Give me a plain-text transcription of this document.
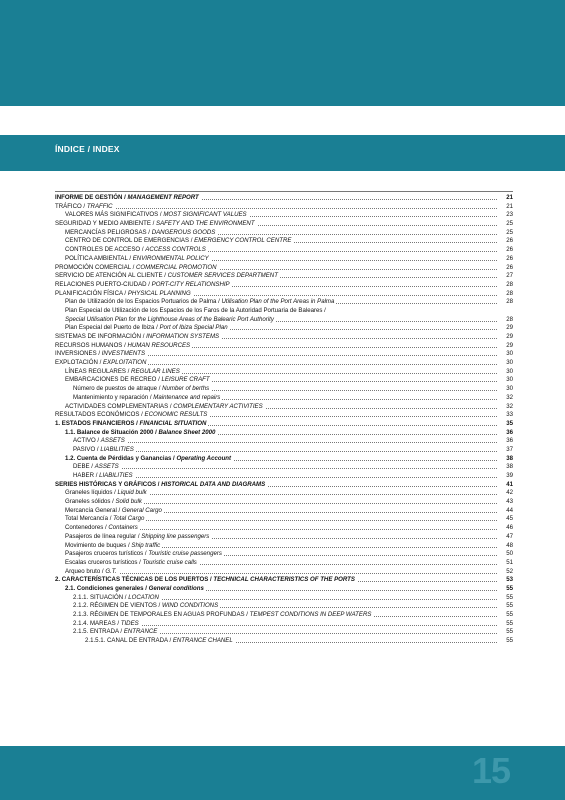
ÍNDICE / INDEX
21
INFORME DE GESTIÓN / MANAGEMENT REPORT
21
TRÁFICO / TRAFFIC
23
VALORES MÁS SIGNIFICATIVOS / MOST SIGNIFICANT VALUES
25
SEGURIDAD Y MEDIO AMBIENTE / SAFETY AND THE ENVIRONMENT
25
MERCANCÍAS PELIGROSAS / DANGEROUS GOODS
26
CENTRO DE CONTROL DE EMERGENCIAS / EMERGENCY CONTROL CENTRE
26
CONTROLES DE ACCESO / ACCESS CONTROLS
26
POLÍTICA AMBIENTAL / ENVIRONMENTAL POLICY
26
PROMOCIÓN COMERCIAL / COMMERCIAL PROMOTION
27
SERVICIO DE ATENCIÓN AL CLIENTE / CUSTOMER SERVICES DEPARTMENT
28
RELACIONES PUERTO-CIUDAD / PORT-CITY RELATIONSHIP
28
PLANIFICACIÓN FÍSICA / PHYSICAL PLANNING
28
Plan de Utilización de los Espacios Portuarios de Palma / Utilisation Plan of the Port Areas in Palma
Plan Especial de Utilización de los Espacios de los Faros de la Autoridad Portuaria de Baleares /
28
Special Utilisation Plan for the Lighthouse Areas of the Balearic Port Authority
29
Plan Especial del Puerto de Ibiza / Port of Ibiza Special Plan
29
SISTEMAS DE INFORMACIÓN / INFORMATION SYSTEMS
29
RECURSOS HUMANOS / HUMAN RESOURCES
30
INVERSIONES / INVESTMENTS
30
EXPLOTACIÓN / EXPLOITATION
30
LÍNEAS REGULARES / REGULAR LINES
30
EMBARCACIONES DE RECREO / LEISURE CRAFT
30
Número de puestos de atraque / Number of berths
32
Mantenimiento y reparación / Maintenance and repairs
32
ACTIVIDADES COMPLEMENTARIAS / COMPLEMENTARY ACTIVITIES
33
RESULTADOS ECONÓMICOS / ECONOMIC RESULTS
35
1. ESTADOS FINANCIEROS / FINANCIAL SITUATION
36
1.1. Balance de Situación 2000 / Balance Sheet 2000
36
ACTIVO / ASSETS
37
PASIVO / LIABILITIES
38
1.2. Cuenta de Pérdidas y Ganancias / Operating Account
38
DEBE / ASSETS
39
HABER / LIABILITIES
41
SERIES HISTÓRICAS Y GRÁFICOS / HISTORICAL DATA AND DIAGRAMS
42
Graneles líquidos / Liquid bulk
43
Graneles sólidos / Solid bulk
44
Mercancía General / General Cargo
45
Total Mercancía / Total Cargo
46
Contenedores / Containers
47
Pasajeros de línea regular / Shipping line passengers
48
Movimiento de buques / Ship traffic
50
Pasajeros cruceros turísticos / Touristic cruise passengers
51
Escalas cruceros turísticos / Touristic cruise calls
52
Arqueo bruto / G.T.
53
2. CARACTERÍSTICAS TÉCNICAS DE LOS PUERTOS / TECHNICAL CHARACTERISTICS OF THE PORTS
55
2.1. Condiciones generales / General conditions
55
2.1.1. SITUACIÓN / LOCATION
55
2.1.2. RÉGIMEN DE VIENTOS / WIND CONDITIONS
55
2.1.3. RÉGIMEN DE TEMPORALES EN AGUAS PROFUNDAS / TEMPEST CONDITIONS IN DEEP WATERS
55
2.1.4. MAREAS / TIDES
55
2.1.5. ENTRADA / ENTRANCE
55
2.1.5.1. CANAL DE ENTRADA / ENTRANCE CHANEL
15
